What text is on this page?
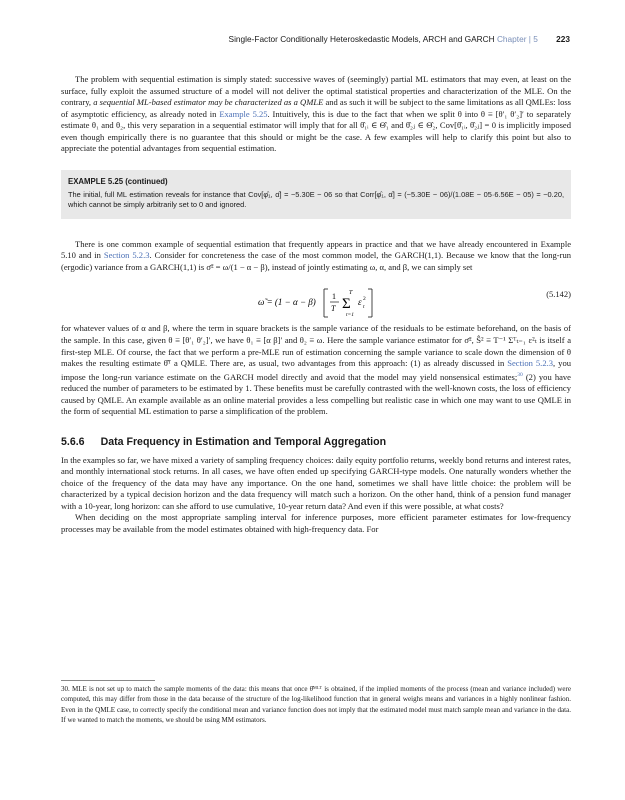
Single-Factor Conditionally Heteroskedastic Models, ARCH and GARCH Chapter | 5 223

The problem with sequential estimation is simply stated: successive waves of (seemingly) partial ML estimators that may even, at least on the surface, fully exploit the assumed structure of a model will not deliver the optimal statistical properties and characterization of the MLE. On the contrary, a sequential ML-based estimator may be characterized as a QMLE and as such it will be subject to the same limitations as all QMLEs: loss of asymptotic efficiency, as already noted in Example 5.25. Intuitively, this is due to the fact that when we split θ into θ ≡ [θ′₁ θ′₂]′ to separately estimate θ₁ and θ₂, this very separation in a sequential estimator will imply that for all θ̂₁ᵢ ∈ Θ̂₁ and θ̂₂ⱼ ∈ Θ̂₂, Cov[θ̂₁ᵢ, θ̂₂ⱼ] = 0 is implicitly imposed even though empirically there is no guarantee that this should or might be the case. A few examples will help to clarify this point but also to appreciate the potential advantages from sequential estimation.

EXAMPLE 5.25 (continued)
The initial, full ML estimation reveals for instance that Cov[φ̂₁, α̂] = −5.30E − 06 so that Corr[φ̂₁, α̂] = (−5.30E − 06)/(1.08E − 05·6.56E − 05) = −0.20, which cannot be simply arbitrarily set to 0 and ignored.

There is one common example of sequential estimation that frequently appears in practice and that we have already encountered in Example 5.10 and in Section 5.2.3. Consider for concreteness the case of the most common model, the GARCH(1,1). Because we know that the long-run (ergodic) variance from a GARCH(1,1) is σ̄² = ω/(1 − α − β), instead of jointly estimating ω, α, and β, we can simply set

ω̃ = (1 − α − β)
1
T
T
Σ
t=1
ε 2
t
(5.142)

for whatever values of α and β, where the term in square brackets is the sample variance of the residuals to be estimate beforehand, on the basis of the sample. In this case, given θ ≡ [θ′₁ θ′₂]′, we have θ₁ ≡ [α β]′ and θ₂ ≡ ω. Here the sample variance estimator for σ̄², Ŝ² ≡ T⁻¹ Σᵀₜ₌₁ ε²ₜ is itself a first-step MLE. Of course, the fact that we perform a pre-MLE run of estimation concerning the sample variance to scale down the dimension of θ makes the resulting estimate θ̂ᵀ a QMLE. There are, as usual, two advantages from this approach: (1) as already discussed in Section 5.2.3, you impose the long-run variance estimate on the GARCH model directly and avoid that the model may yield nonsensical estimates;$^{30}$ (2) you have reduced the number of parameters to be estimated by 1. These benefits must be carefully contrasted with the well-known costs, the loss of efficiency caused by QMLE. An example available as an online material provides a less compelling but realistic case in which one may want to use QMLE in the form of sequential ML estimation to parse a simplification of the problem.

5.6.6 Data Frequency in Estimation and Temporal Aggregation

In the examples so far, we have mixed a variety of sampling frequency choices: daily equity portfolio returns, weekly bond returns and interest rates, and monthly international stock returns. In all cases, we have often ended up specifying GARCH-type models. One naturally wonders whether the choice of the frequency of the data may have any importance. On the one hand, sometimes we shall have little choice: the problem will be characterized by a typical decision horizon and the data frequency will match such a horizon. On the other hand, think of a pension fund manager with a 10-year, long horizon: can she afford to use cumulative, 10-year return data? And even if this were possible, at what costs?

When deciding on the most appropriate sampling interval for inference purposes, more efficient parameter estimates for low-frequency processes may be available from the model estimates obtained with high-frequency data. For

30. MLE is not set up to match the sample moments of the data: this means that once θ̂ᴹᴸᵀ is obtained, if the implied moments of the process (mean and variance included) were computed, this may differ from those in the data because of the structure of the log-likelihood function that in general weighs means and variances in a highly nonlinear fashion. Even in the QMLE case, to correctly specify the conditional mean and variance function does not imply that the estimated model must match sample mean and variance in the data. If we wanted to match the moments, we should be using MM estimators.
